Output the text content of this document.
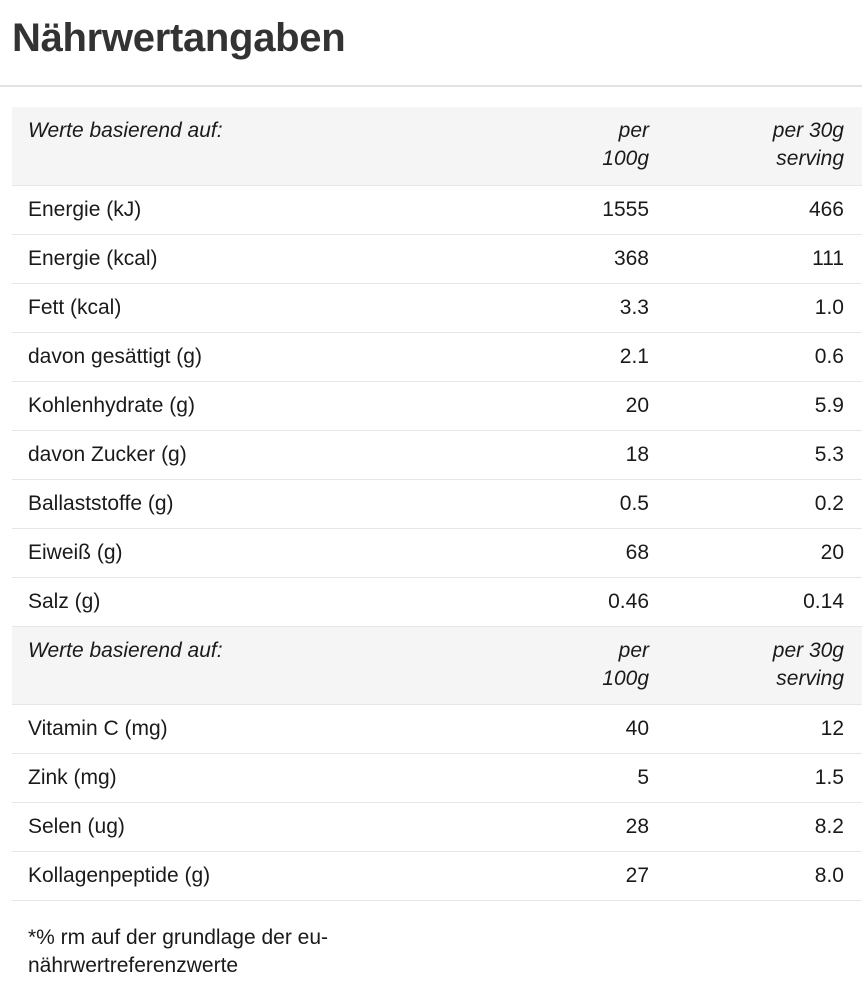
Nährwertangaben
Werte basierend auf:	per 100g	per 30g serving
Energie (kJ)	1555	466
Energie (kcal)	368	111
Fett (kcal)	3.3	1.0
davon gesättigt (g)	2.1	0.6
Kohlenhydrate (g)	20	5.9
davon Zucker (g)	18	5.3
Ballaststoffe (g)	0.5	0.2
Eiweiß (g)	68	20
Salz (g)	0.46	0.14
Werte basierend auf:	per 100g	per 30g serving
Vitamin C (mg)	40	12
Zink (mg)	5	1.5
Selen (ug)	28	8.2
Kollagenpeptide (g)	27	8.0

*% rm auf der grundlage der eu-nährwertreferenzwerte
